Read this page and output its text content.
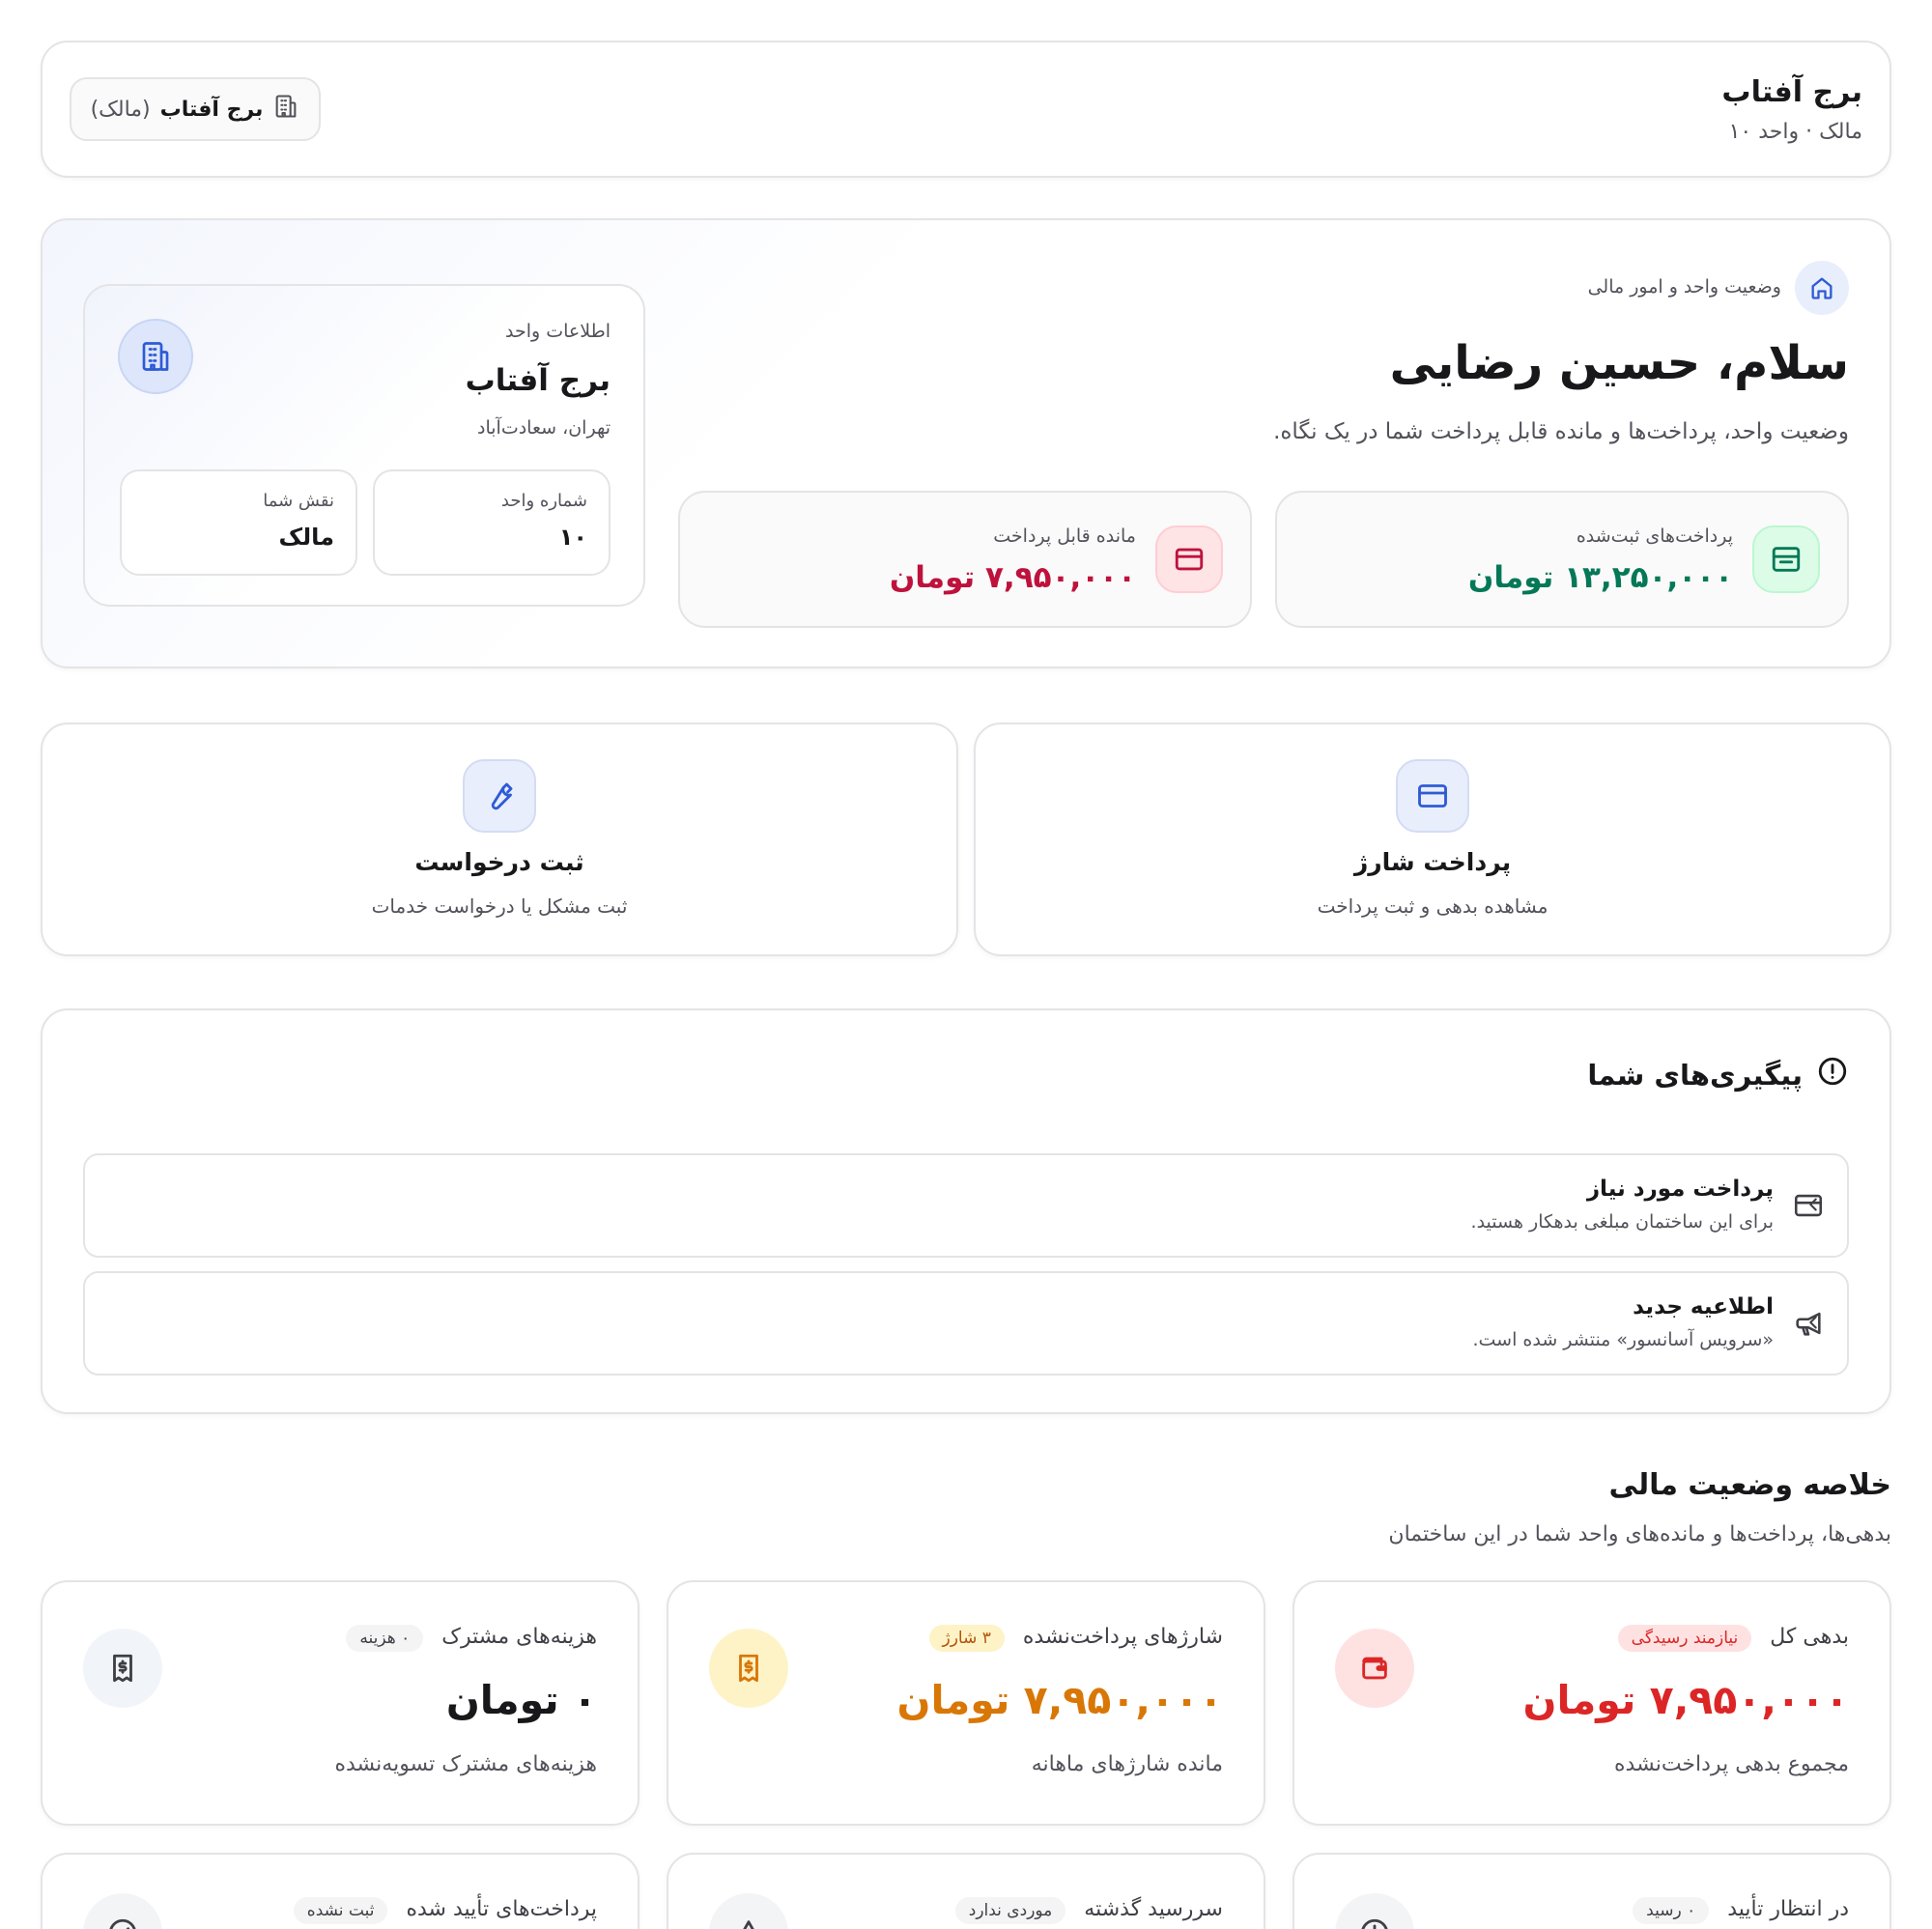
برج آفتاب
مالک · واحد ۱۰
برج آفتاب
(مالک)
وضعیت واحد و امور مالی
سلام، حسین رضایی
وضعیت واحد، پرداخت‌ها و مانده قابل پرداخت شما در یک نگاه.
پرداخت‌های ثبت‌شده
۱۳,۲۵۰,۰۰۰ تومان
مانده قابل پرداخت
۷,۹۵۰,۰۰۰ تومان
اطلاعات واحد
برج آفتاب
تهران، سعادت‌آباد
شماره واحد
۱۰
نقش شما
مالک
پرداخت شارژ
مشاهده بدهی و ثبت پرداخت
ثبت درخواست
ثبت مشکل یا درخواست خدمات
پیگیری‌های شما
پرداخت مورد نیاز
برای این ساختمان مبلغی بدهکار هستید.
اطلاعیه جدید
«سرویس آسانسور» منتشر شده است.
خلاصه وضعیت مالی
بدهی‌ها، پرداخت‌ها و مانده‌های واحد شما در این ساختمان
بدهی کل نیازمند رسیدگی
۷,۹۵۰,۰۰۰ تومان
مجموع بدهی پرداخت‌نشده
شارژهای پرداخت‌نشده ۳ شارژ
۷,۹۵۰,۰۰۰ تومان
مانده شارژهای ماهانه
هزینه‌های مشترک ۰ هزینه
۰ تومان
هزینه‌های مشترک تسویه‌نشده
در انتظار تأیید ۰ رسید
سررسید گذشته موردی ندارد
پرداخت‌های تأیید شده ثبت نشده
